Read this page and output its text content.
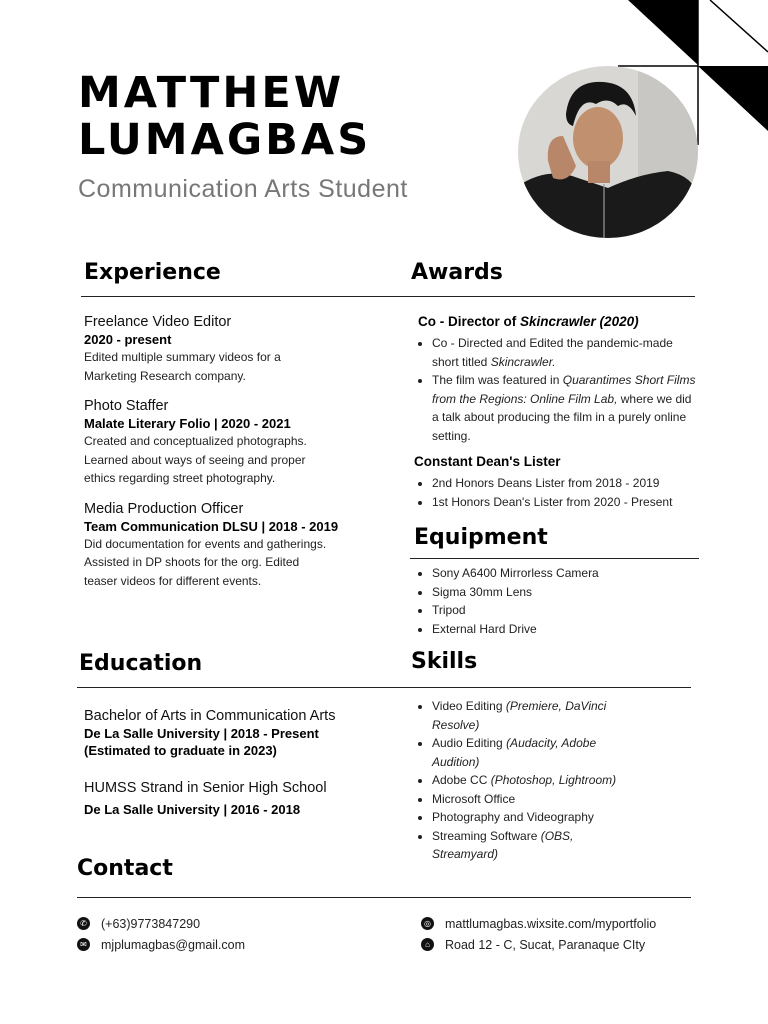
MATTHEW
LUMAGBAS
Communication Arts Student
Experience
Freelance Video Editor
2020 - present
Edited multiple summary videos for a
Marketing Research company.
Photo Staffer
Malate Literary Folio | 2020 - 2021
Created and conceptualized photographs.
Learned about ways of seeing and proper
ethics regarding street photography.
Media Production Officer
Team Communication DLSU | 2018 - 2019
Did documentation for events and gatherings.
Assisted in DP shoots for the org. Edited
teaser videos for different events.
Awards
Co - Director of Skincrawler (2020)
• Co - Directed and Edited the pandemic-made short titled Skincrawler.
• The film was featured in Quarantimes Short Films from the Regions: Online Film Lab, where we did a talk about producing the film in a purely online setting.
Constant Dean's Lister
• 2nd Honors Deans Lister from 2018 - 2019
• 1st Honors Dean's Lister from 2020 - Present
Equipment
• Sony A6400 Mirrorless Camera
• Sigma 30mm Lens
• Tripod
• External Hard Drive
Education
Bachelor of Arts in Communication Arts
De La Salle University | 2018 - Present
(Estimated to graduate in 2023)
HUMSS Strand in Senior High School
De La Salle University | 2016 - 2018
Skills
• Video Editing (Premiere, DaVinci Resolve)
• Audio Editing (Audacity, Adobe Audition)
• Adobe CC (Photoshop, Lightroom)
• Microsoft Office
• Photography and Videography
• Streaming Software (OBS, Streamyard)
Contact
✆ (+63)9773847290
✉ mjplumagbas@gmail.com
◎ mattlumagbas.wixsite.com/myportfolio
⌂	Road 12 - C, Sucat, Paranaque CIty
